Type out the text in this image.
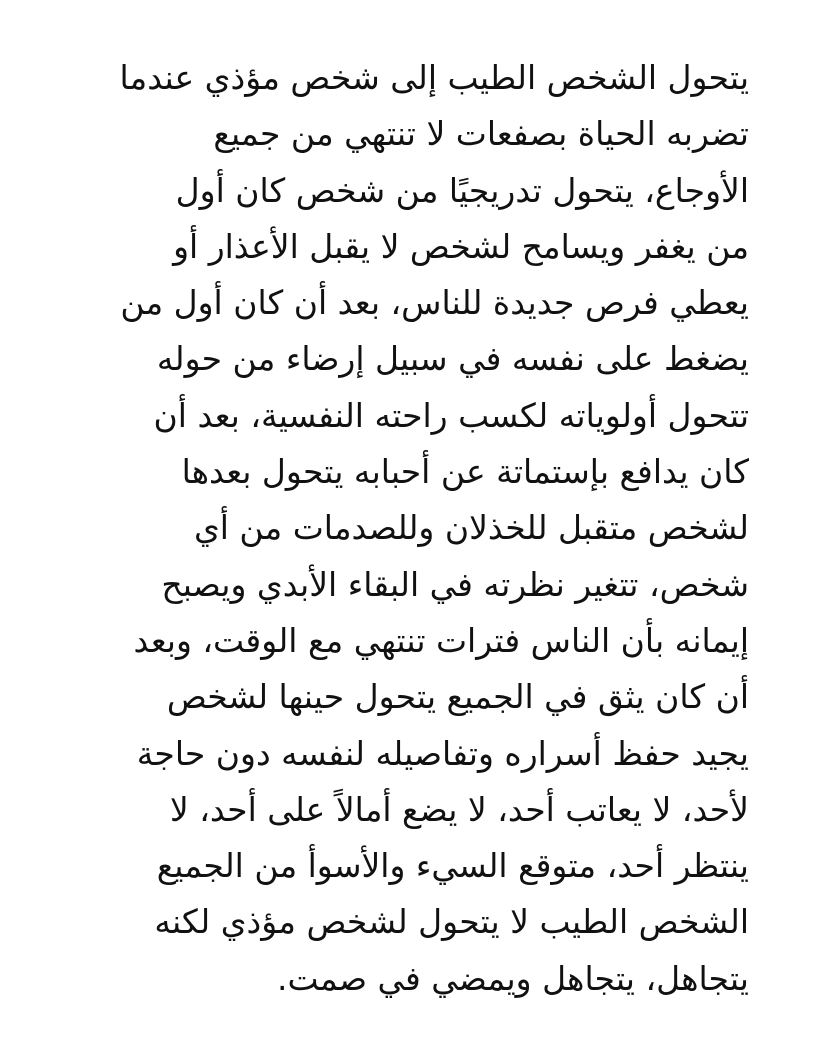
يتحول الشخص الطيب إلى شخص مؤذي عندما
تضربه الحياة بصفعات لا تنتهي من جميع
الأوجاع، يتحول تدريجيًا من شخص كان أول
من يغفر ويسامح لشخص لا يقبل الأعذار أو
يعطي فرص جديدة للناس، بعد أن كان أول من
يضغط على نفسه في سبيل إرضاء من حوله
تتحول أولوياته لكسب راحته النفسية، بعد أن
كان يدافع بإستماتة عن أحبابه يتحول بعدها
لشخص متقبل للخذلان وللصدمات من أي
شخص، تتغير نظرته في البقاء الأبدي ويصبح
إيمانه بأن الناس فترات تنتهي مع الوقت، وبعد
أن كان يثق في الجميع يتحول حينها لشخص
يجيد حفظ أسراره وتفاصيله لنفسه دون حاجة
لأحد، لا يعاتب أحد، لا يضع أمالاً على أحد، لا
ينتظر أحد، متوقع السيء والأسوأ من الجميع
الشخص الطيب لا يتحول لشخص مؤذي لكنه
يتجاهل، يتجاهل ويمضي في صمت.
